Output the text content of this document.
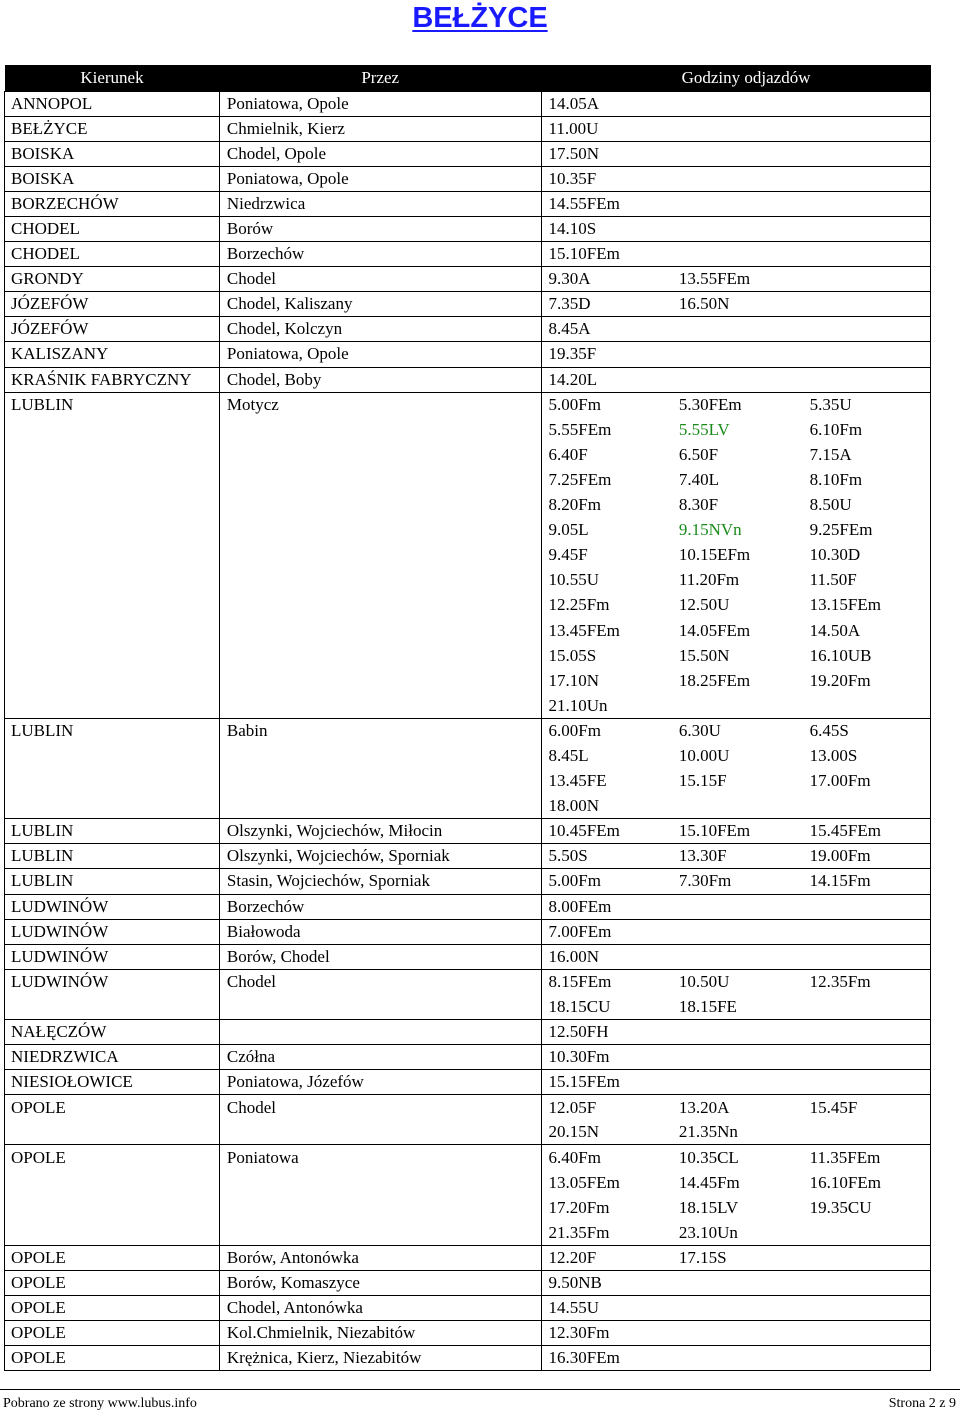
BEŁŻYCE
Kierunek	Przez	Godziny odjazdów		
ANNOPOL	Poniatowa, Opole	14.05A		
BEŁŻYCE	Chmielnik, Kierz	11.00U		
BOISKA	Chodel, Opole	17.50N		
BOISKA	Poniatowa, Opole	10.35F		
BORZECHÓW	Niedrzwica	14.55FEm		
CHODEL	Borów	14.10S		
CHODEL	Borzechów	15.10FEm		
GRONDY	Chodel	9.30A	13.55FEm	
JÓZEFÓW	Chodel, Kaliszany	7.35D	16.50N	
JÓZEFÓW	Chodel, Kolczyn	8.45A		
KALISZANY	Poniatowa, Opole	19.35F		
KRAŚNIK FABRYCZNY	Chodel, Boby	14.20L		
LUBLIN	Motycz	5.00Fm	5.30FEm	5.35U
		5.55FEm	5.55LV	6.10Fm
		6.40F	6.50F	7.15A
		7.25FEm	7.40L	8.10Fm
		8.20Fm	8.30F	8.50U
		9.05L	9.15NVn	9.25FEm
		9.45F	10.15EFm	10.30D
		10.55U	11.20Fm	11.50F
		12.25Fm	12.50U	13.15FEm
		13.45FEm	14.05FEm	14.50A
		15.05S	15.50N	16.10UB
		17.10N	18.25FEm	19.20Fm
		21.10Un		
LUBLIN	Babin	6.00Fm	6.30U	6.45S
		8.45L	10.00U	13.00S
		13.45FE	15.15F	17.00Fm
		18.00N		
LUBLIN	Olszynki, Wojciechów, Miłocin	10.45FEm	15.10FEm	15.45FEm
LUBLIN	Olszynki, Wojciechów, Sporniak	5.50S	13.30F	19.00Fm
LUBLIN	Stasin, Wojciechów, Sporniak	5.00Fm	7.30Fm	14.15Fm
LUDWINÓW	Borzechów	8.00FEm		
LUDWINÓW	Białowoda	7.00FEm		
LUDWINÓW	Borów, Chodel	16.00N		
LUDWINÓW	Chodel	8.15FEm	10.50U	12.35Fm
		18.15CU	18.15FE	
NAŁĘCZÓW		12.50FH		
NIEDRZWICA	Czółna	10.30Fm		
NIESIOŁOWICE	Poniatowa, Józefów	15.15FEm		
OPOLE	Chodel	12.05F	13.20A	15.45F
		20.15N	21.35Nn	
OPOLE	Poniatowa	6.40Fm	10.35CL	11.35FEm
		13.05FEm	14.45Fm	16.10FEm
		17.20Fm	18.15LV	19.35CU
		21.35Fm	23.10Un	
OPOLE	Borów, Antonówka	12.20F	17.15S	
OPOLE	Borów, Komaszyce	9.50NB		
OPOLE	Chodel, Antonówka	14.55U		
OPOLE	Kol.Chmielnik, Niezabitów	12.30Fm		
OPOLE	Krężnica, Kierz, Niezabitów	16.30FEm		
Pobrano ze strony www.lubus.info	Strona 2 z 9
